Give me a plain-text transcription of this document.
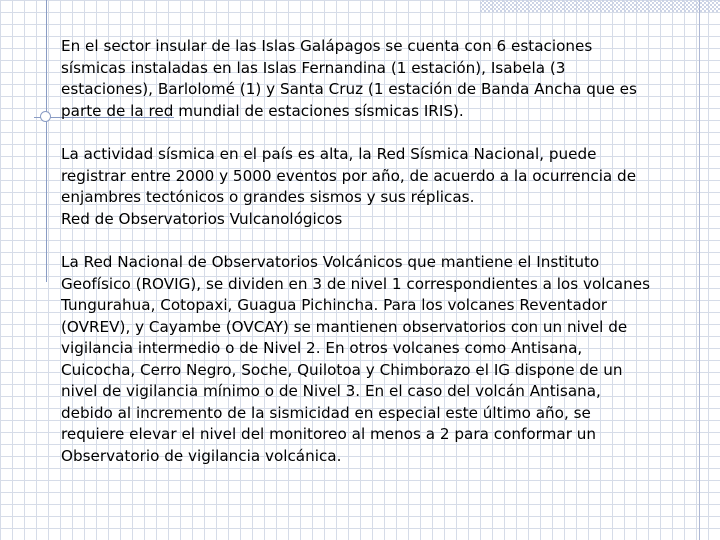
En el sector insular de las Islas Galápagos se cuenta con 6 estaciones sísmicas instaladas en las Islas Fernandina (1 estación), Isabela (3 estaciones), Barlolomé (1) y Santa Cruz (1 estación de Banda Ancha que es parte de la red mundial de estaciones sísmicas IRIS).

La actividad sísmica en el país es alta, la Red Sísmica Nacional, puede registrar entre 2000 y 5000 eventos por año, de acuerdo a la ocurrencia de enjambres tectónicos o grandes sismos y sus réplicas.

Red de Observatorios Vulcanológicos

La Red Nacional de Observatorios Volcánicos que mantiene el Instituto Geofísico (ROVIG), se dividen en 3 de nivel 1 correspondientes a los volcanes Tungurahua, Cotopaxi, Guagua Pichincha. Para los volcanes Reventador (OVREV), y Cayambe (OVCAY) se mantienen observatorios con un nivel de vigilancia intermedio o de Nivel 2. En otros volcanes como Antisana, Cuicocha, Cerro Negro, Soche, Quilotoa y Chimborazo el IG dispone de un nivel de vigilancia mínimo o de Nivel 3. En el caso del volcán Antisana, debido al incremento de la sismicidad en especial este último año, se requiere elevar el nivel del monitoreo al menos a 2 para conformar un Observatorio de vigilancia volcánica.
